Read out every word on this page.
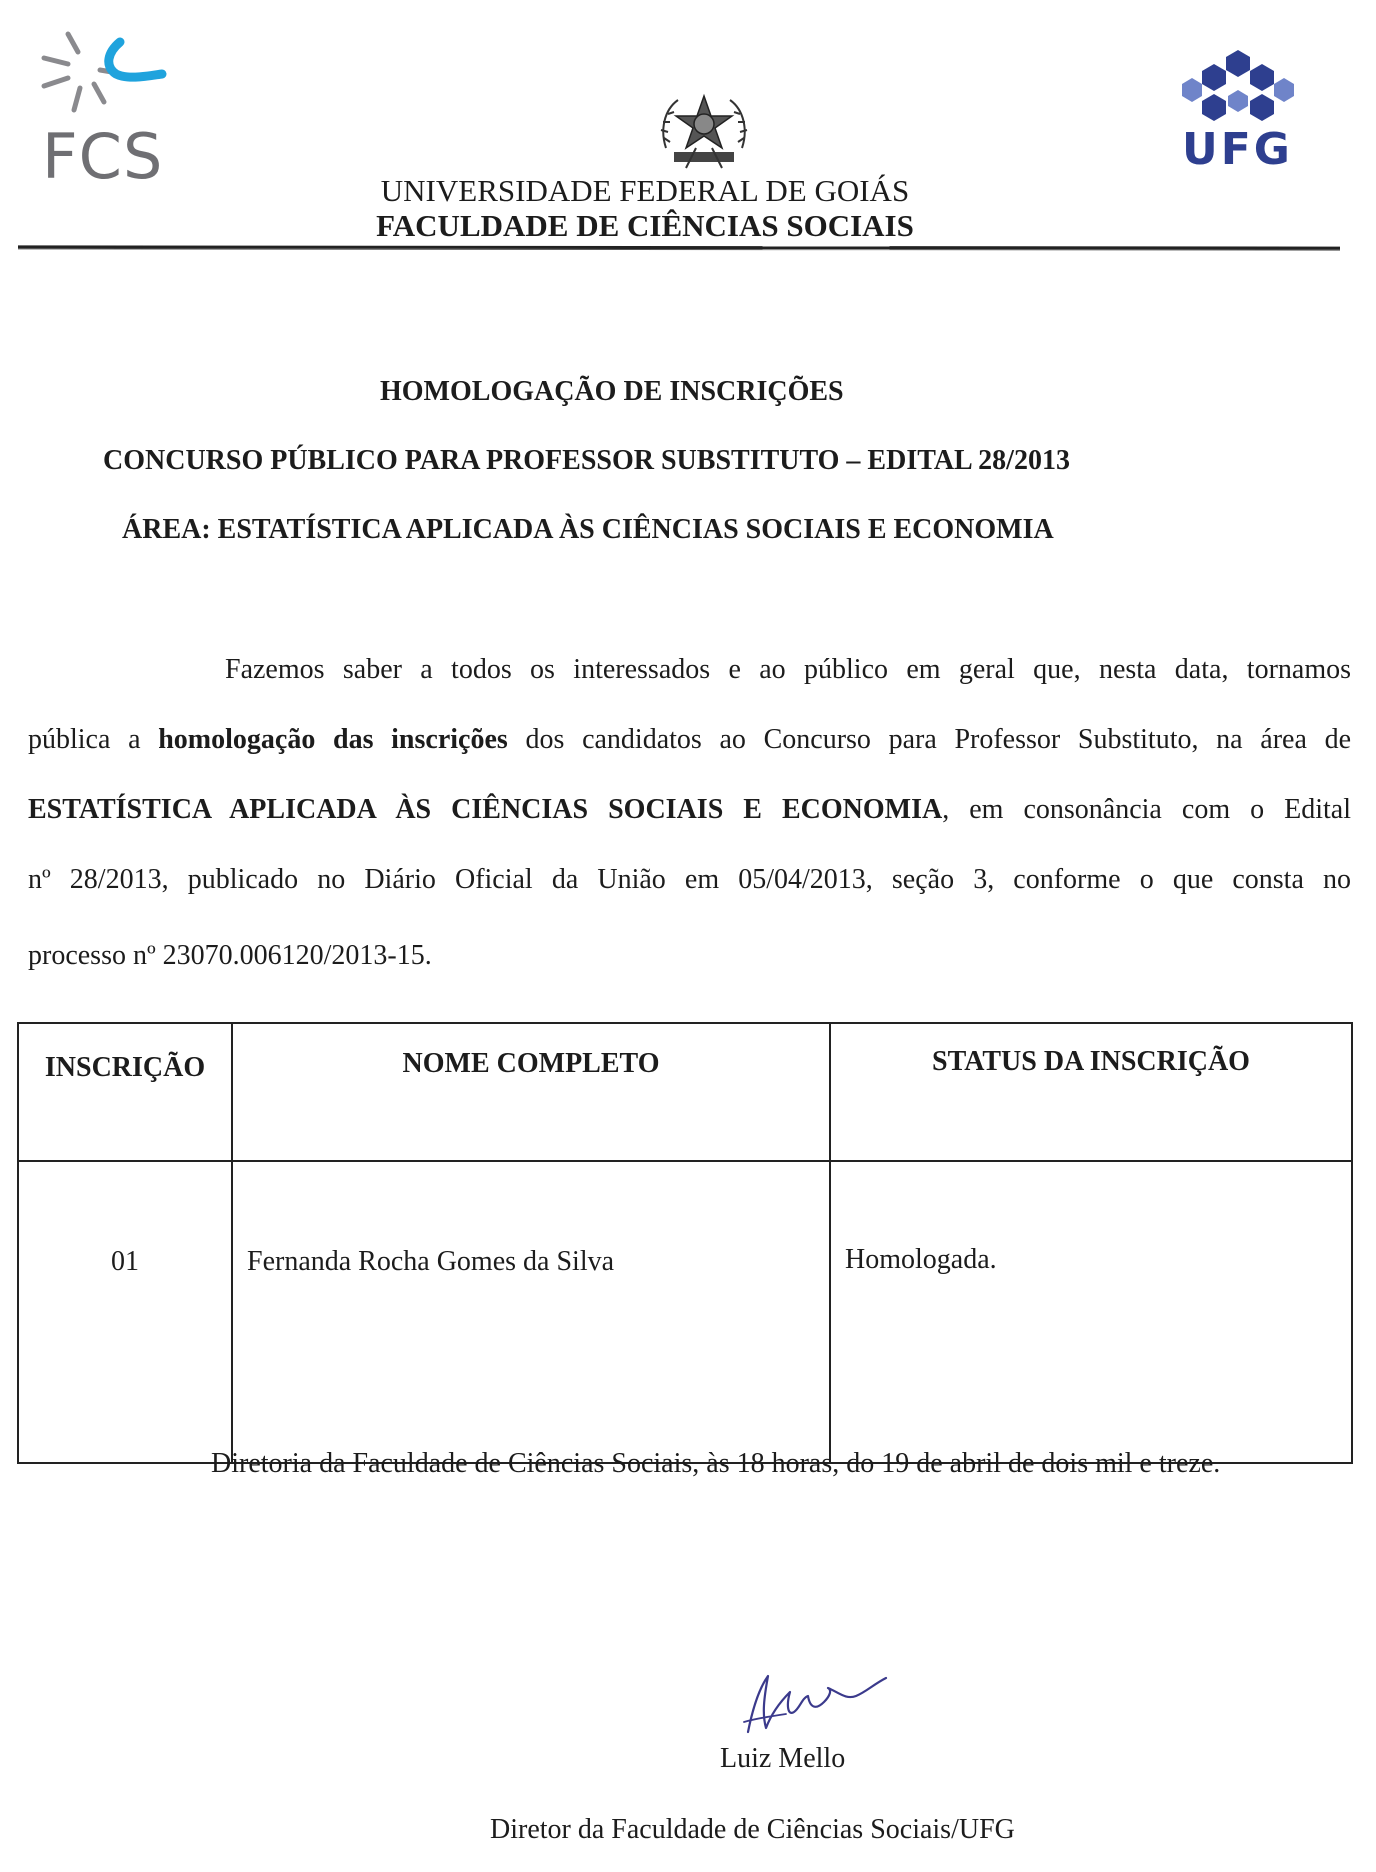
FCS	UFG
UNIVERSIDADE FEDERAL DE GOIÁS
FACULDADE DE CIÊNCIAS SOCIAIS
HOMOLOGAÇÃO DE INSCRIÇÕES
CONCURSO PÚBLICO PARA PROFESSOR SUBSTITUTO – EDITAL 28/2013
ÁREA: ESTATÍSTICA APLICADA ÀS CIÊNCIAS SOCIAIS E ECONOMIA
Fazemos saber a todos os interessados e ao público em geral que, nesta data, tornamos
pública a homologação das inscrições dos candidatos ao Concurso para Professor Substituto, na área de
ESTATÍSTICA APLICADA ÀS CIÊNCIAS SOCIAIS E ECONOMIA, em consonância com o Edital
nº 28/2013, publicado no Diário Oficial da União em 05/04/2013, seção 3, conforme o que consta no
processo nº 23070.006120/2013-15.
INSCRIÇÃO	NOME COMPLETO	STATUS DA INSCRIÇÃO
01	Fernanda Rocha Gomes da Silva	Homologada.
Diretoria da Faculdade de Ciências Sociais, às 18 horas, do 19 de abril de dois mil e treze.
Luiz Mello
Diretor da Faculdade de Ciências Sociais/UFG
